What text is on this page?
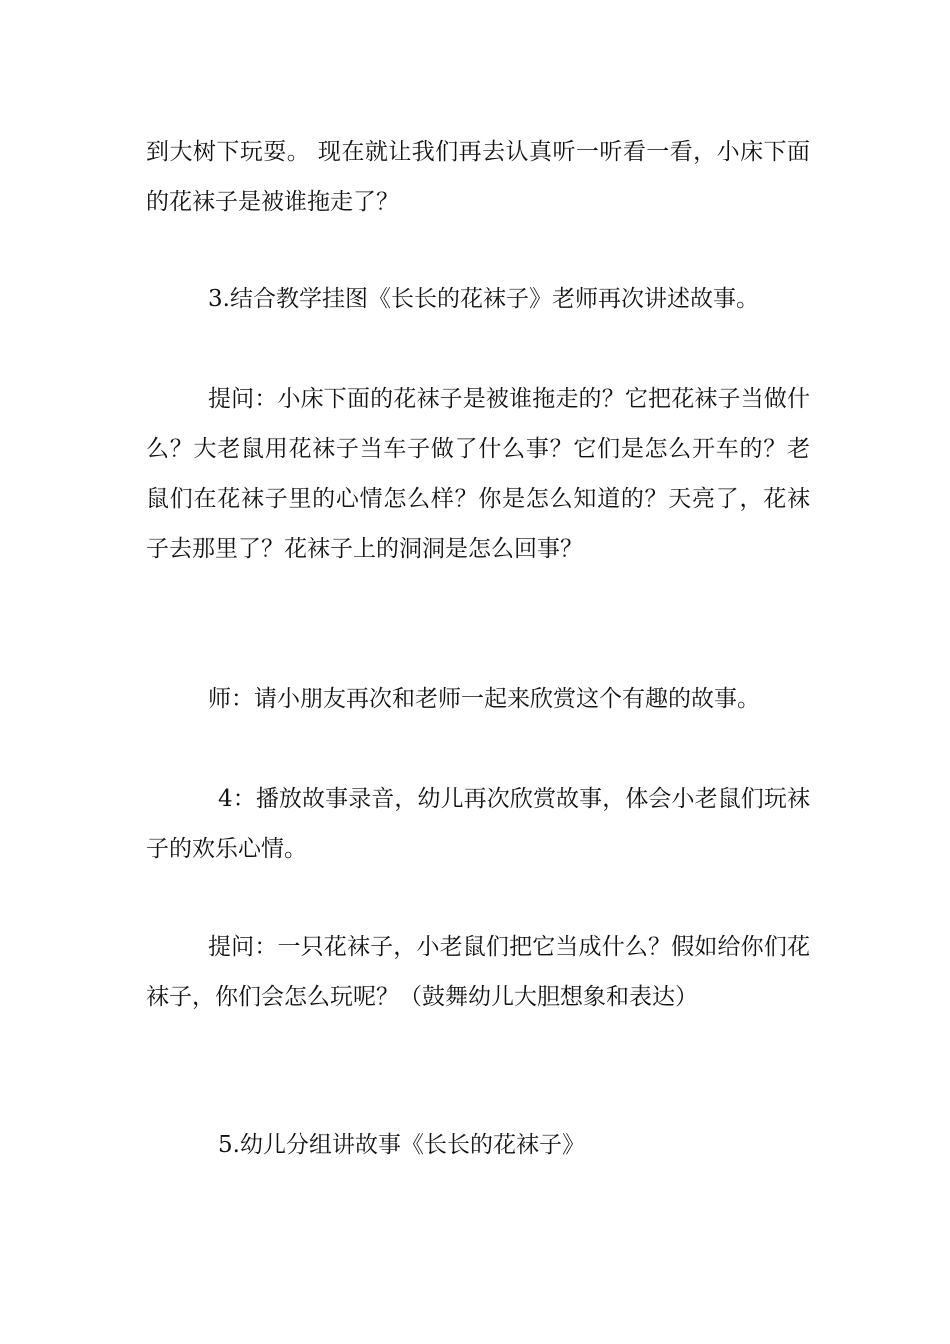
到大树下玩耍。 现在就让我们再去认真听一听看一看，小床下面的花袜子是被谁拖走了？

3.结合教学挂图《长长的花袜子》老师再次讲述故事。

提问：小床下面的花袜子是被谁拖走的？它把花袜子当做什么？大老鼠用花袜子当车子做了什么事？它们是怎么开车的？老鼠们在花袜子里的心情怎么样？你是怎么知道的？天亮了，花袜子去那里了？花袜子上的洞洞是怎么回事？

师：请小朋友再次和老师一起来欣赏这个有趣的故事。

4：播放故事录音，幼儿再次欣赏故事，体会小老鼠们玩袜子的欢乐心情。

提问：一只花袜子，小老鼠们把它当成什么？假如给你们花袜子，你们会怎么玩呢？（鼓舞幼儿大胆想象和表达）

5.幼儿分组讲故事《长长的花袜子》
